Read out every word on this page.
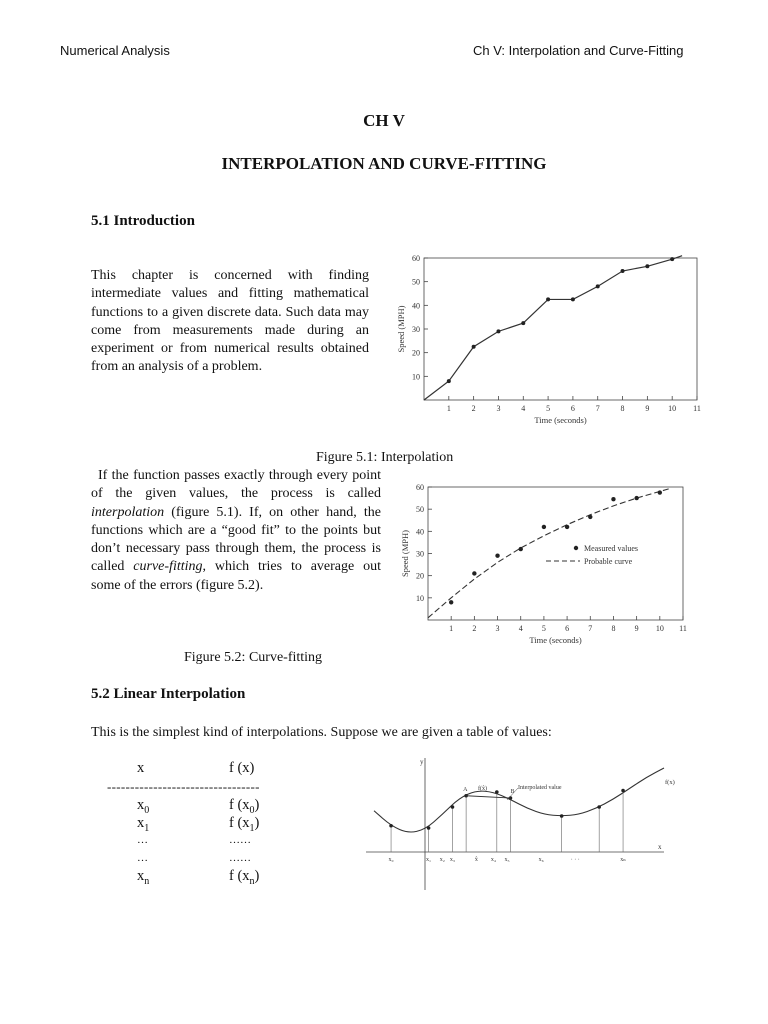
Numerical Analysis	Ch V: Interpolation and Curve-Fitting
CH V
INTERPOLATION AND CURVE-FITTING
5.1 Introduction
This chapter is concerned with finding intermediate values and fitting mathematical functions to a given discrete data. Such data may come from measurements made during an experiment or from numerical results obtained from an analysis of a problem.
10
20
30
40
50
60
1	2	3	4	5	6	7	8	9 10 11
Time (seconds)
Speed (MPH)
Figure 5.1: Interpolation
If the function passes exactly through every point of the given values, the process is called interpolation (figure 5.1). If, on other hand, the functions which are a “good fit” to the points but don’t necessary pass through them, the process is called curve-fitting, which tries to average out some of the errors (figure 5.2).
10
20
30
40
50
60
1 2 3 4 5 6 7 8 9 10 11
Time (seconds)
Speed (MPH)	Measured values
Probable curve
Figure 5.2: Curve-fitting
5.2 Linear Interpolation
This is the simplest kind of interpolations. Suppose we are given a table of values:
x	f (x)
---------------------------------
$x_0$	f $(x_0)$
$x_1$	f $(x_1)$
…	……
…	……
$x_n$	f $(x_n)$
x
y
A	B
f(x̂)	Interpolated value
f(x)
x₀	x₁ x₂ x₃	x̂ x₄ x₅	x₆	· · ·	xₙ
